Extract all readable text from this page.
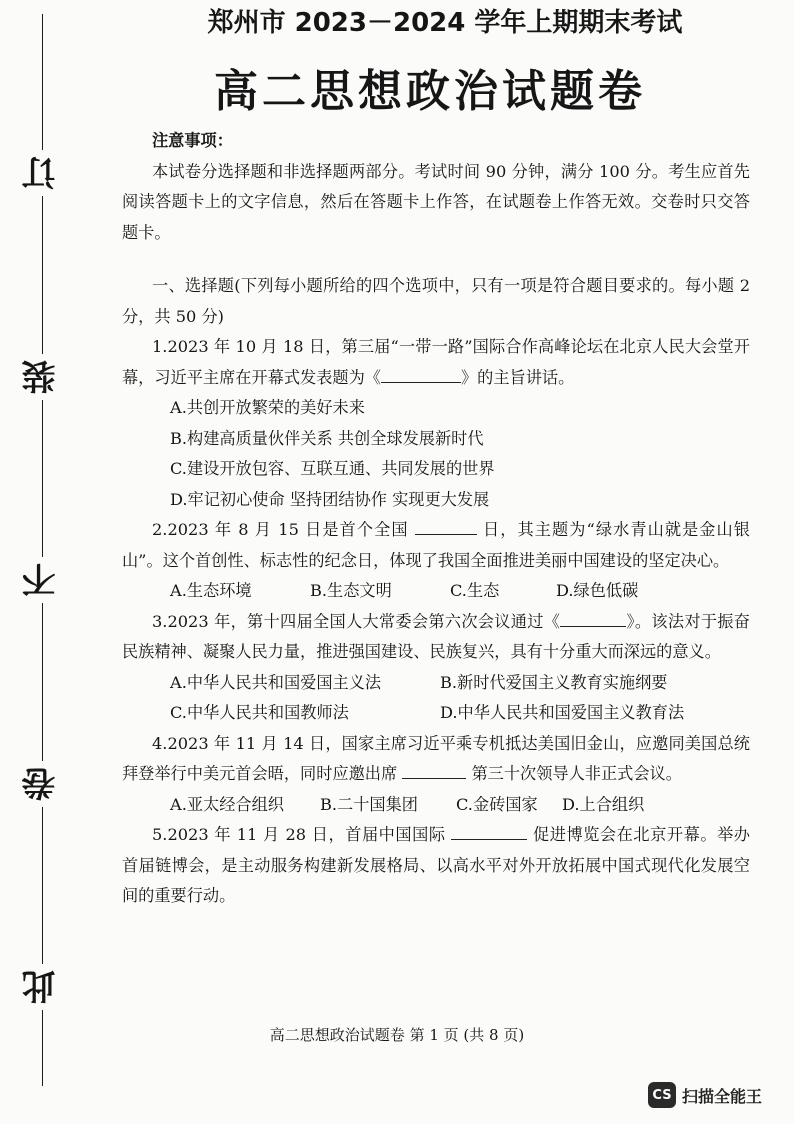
订
装
不
卷
此
郑州市 2023－2024 学年上期期末考试
高二思想政治试题卷
注意事项：

本试卷分选择题和非选择题两部分。考试时间 90 分钟，满分 100 分。考生应首先阅读答题卡上的文字信息，然后在答题卡上作答，在试题卷上作答无效。交卷时只交答题卡。

一、选择题(下列每小题所给的四个选项中，只有一项是符合题目要求的。每小题 2 分，共 50 分)

1.2023 年 10 月 18 日，第三届“一带一路”国际合作高峰论坛在北京人民大会堂开幕，习近平主席在开幕式发表题为《	》的主旨讲话。

A.共创开放繁荣的美好未来
B.构建高质量伙伴关系 共创全球发展新时代
C.建设开放包容、互联互通、共同发展的世界
D.牢记初心使命 坚持团结协作 实现更大发展

2.2023 年 8 月 15 日是首个全国	日，其主题为“绿水青山就是金山银山”。这个首创性、标志性的纪念日，体现了我国全面推进美丽中国建设的坚定决心。

A.生态环境	B.生态文明	C.生态	D.绿色低碳

3.2023 年，第十四届全国人大常委会第六次会议通过《	》。该法对于振奋民族精神、凝聚人民力量，推进强国建设、民族复兴，具有十分重大而深远的意义。

A.中华人民共和国爱国主义法	B.新时代爱国主义教育实施纲要
C.中华人民共和国教师法	D.中华人民共和国爱国主义教育法

4.2023 年 11 月 14 日，国家主席习近平乘专机抵达美国旧金山，应邀同美国总统拜登举行中美元首会晤，同时应邀出席	第三十次领导人非正式会议。

A.亚太经合组织	B.二十国集团	C.金砖国家	D.上合组织

5.2023 年 11 月 28 日，首届中国国际	促进博览会在北京开幕。举办首届链博会，是主动服务构建新发展格局、以高水平对外开放拓展中国式现代化发展空间的重要行动。

高二思想政治试题卷 第 1 页 (共 8 页)
CS 扫描全能王
